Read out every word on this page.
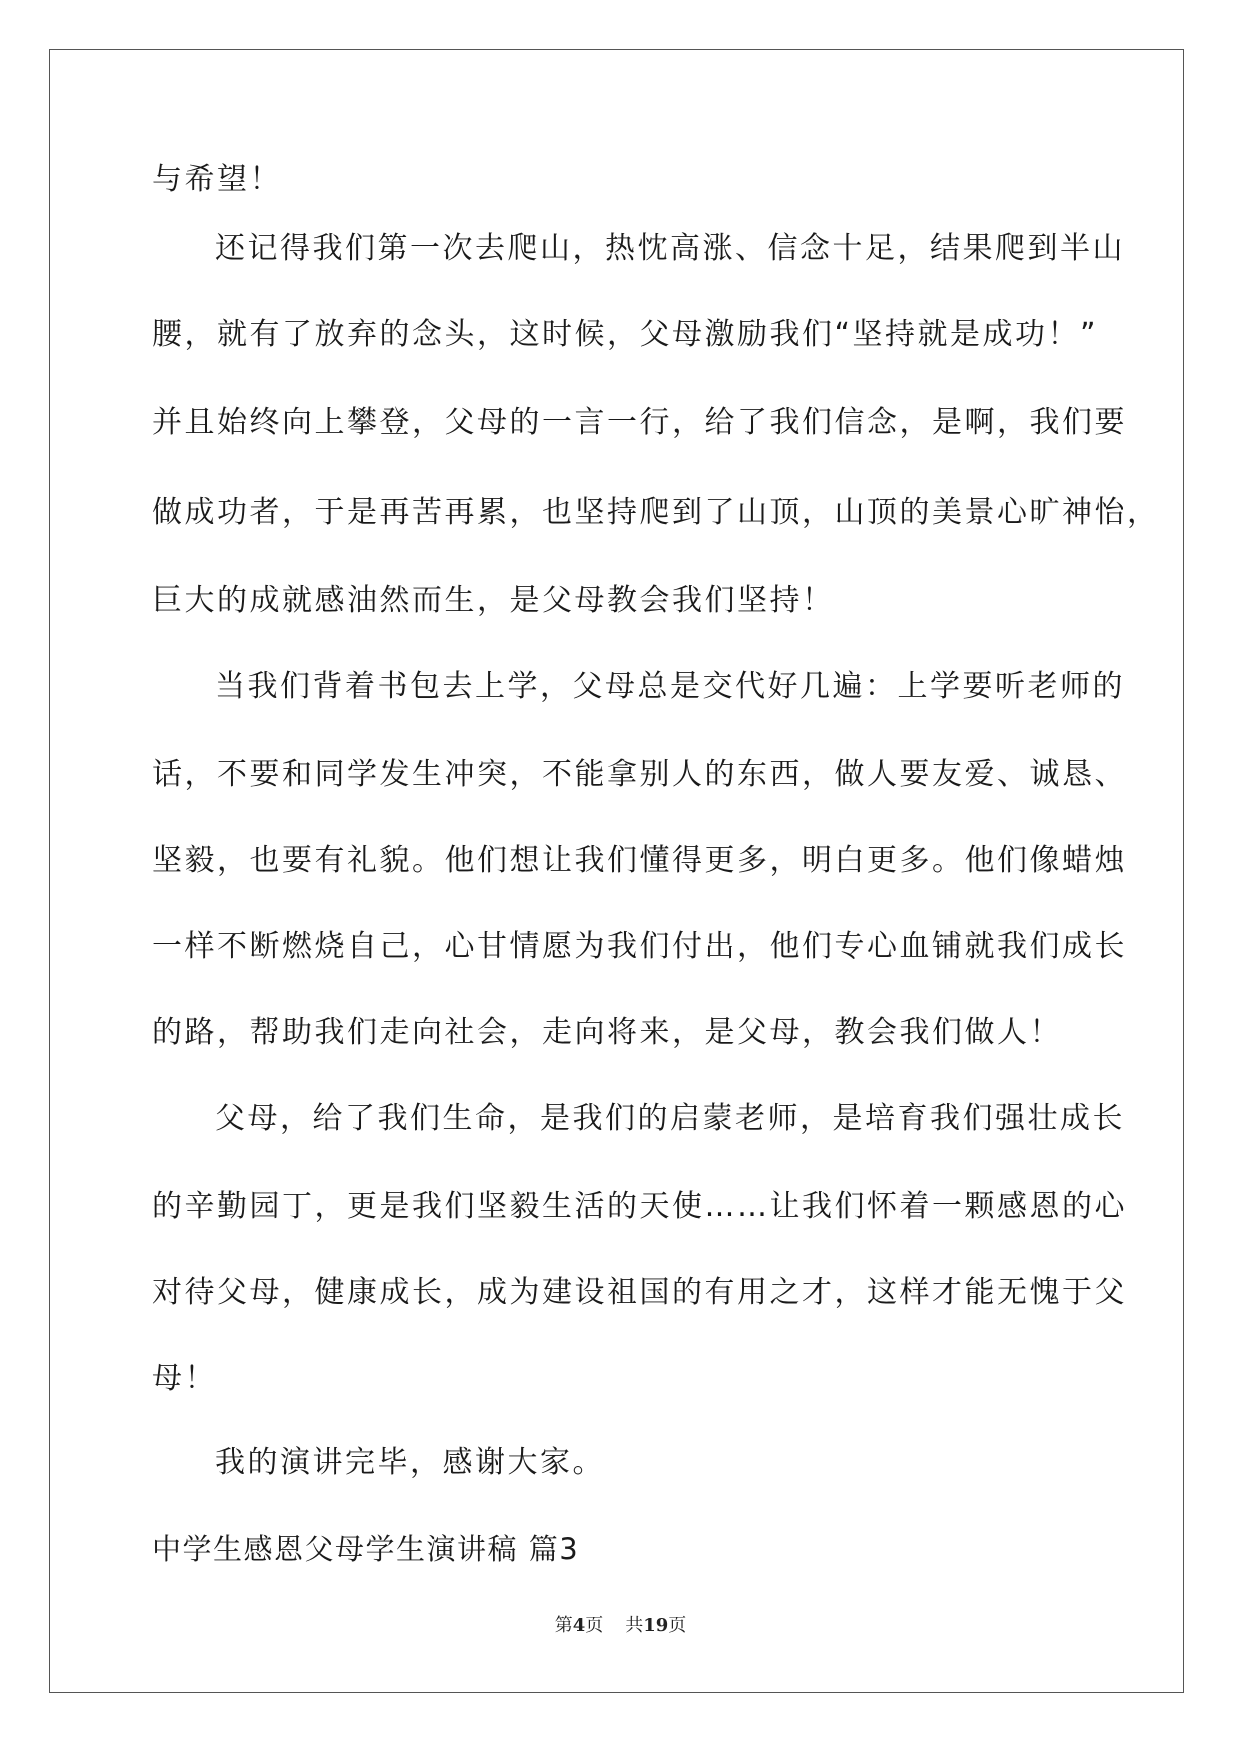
与希望！
还记得我们第一次去爬山，热忱高涨、信念十足，结果爬到半山
腰，就有了放弃的念头，这时候，父母激励我们“坚持就是成功！”
并且始终向上攀登，父母的一言一行，给了我们信念，是啊，我们要
做成功者，于是再苦再累，也坚持爬到了山顶，山顶的美景心旷神怡，
巨大的成就感油然而生，是父母教会我们坚持！
当我们背着书包去上学，父母总是交代好几遍：上学要听老师的
话，不要和同学发生冲突，不能拿别人的东西，做人要友爱、诚恳、
坚毅，也要有礼貌。他们想让我们懂得更多，明白更多。他们像蜡烛
一样不断燃烧自己，心甘情愿为我们付出，他们专心血铺就我们成长
的路，帮助我们走向社会，走向将来，是父母，教会我们做人！
父母，给了我们生命，是我们的启蒙老师，是培育我们强壮成长
的辛勤园丁，更是我们坚毅生活的天使……让我们怀着一颗感恩的心
对待父母，健康成长，成为建设祖国的有用之才，这样才能无愧于父
母！
我的演讲完毕，感谢大家。
中学生感恩父母学生演讲稿 篇3
第4页 共19页
